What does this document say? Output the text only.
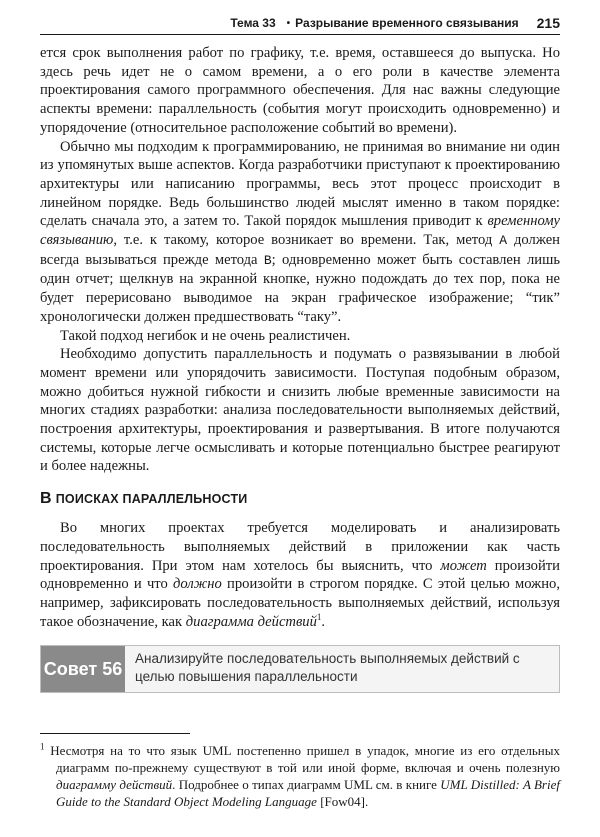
Тема 33 • Разрывание временного связывания 215

ется срок выполнения работ по графику, т.е. время, оставшееся до выпуска. Но здесь речь идет не о самом времени, а о его роли в качестве элемента проектирования самого программного обеспечения. Для нас важны следующие аспекты времени: параллельность (события могут происходить одновременно) и упорядочение (относительное расположение событий во времени).

Обычно мы подходим к программированию, не принимая во внимание ни один из упомянутых выше аспектов. Когда разработчики приступают к проектированию архитектуры или написанию программы, весь этот процесс происходит в линейном порядке. Ведь большинство людей мыслят именно в таком порядке: сделать сначала это, а затем то. Такой порядок мышления приводит к временному связыванию, т.е. к такому, которое возникает во времени. Так, метод A должен всегда вызываться прежде метода B; одновременно может быть составлен лишь один отчет; щелкнув на экранной кнопке, нужно подождать до тех пор, пока не будет перерисовано выводимое на экран графическое изображение; “тик” хронологически должен предшествовать “таку”.

Такой подход негибок и не очень реалистичен.

Необходимо допустить параллельность и подумать о развязывании в любой момент времени или упорядочить зависимости. Поступая подобным образом, можно добиться нужной гибкости и снизить любые временные зависимости на многих стадиях разработки: анализа последовательности выполняемых действий, построения архитектуры, проектирования и развертывания. В итоге получаются системы, которые легче осмысливать и которые потенциально быстрее реагируют и более надежны.

В ПОИСКАХ ПАРАЛЛЕЛЬНОСТИ

Во многих проектах требуется моделировать и анализировать последовательность выполняемых действий в приложении как часть проектирования. При этом нам хотелось бы выяснить, что может произойти одновременно и что должно произойти в строгом порядке. С этой целью можно, например, зафиксировать последовательность выполняемых действий, используя такое обозначение, как диаграмма действий$^1$.

Совет 56 Анализируйте последовательность выполняемых действий с целью повышения параллельности
$^1$ Несмотря на то что язык UML постепенно пришел в упадок, многие из его отдельных диаграмм по-прежнему существуют в той или иной форме, включая и очень полезную диаграмму действий. Подробнее о типах диаграмм UML см. в книге UML Distilled: A Brief Guide to the Standard Object Modeling Language [Fow04].
